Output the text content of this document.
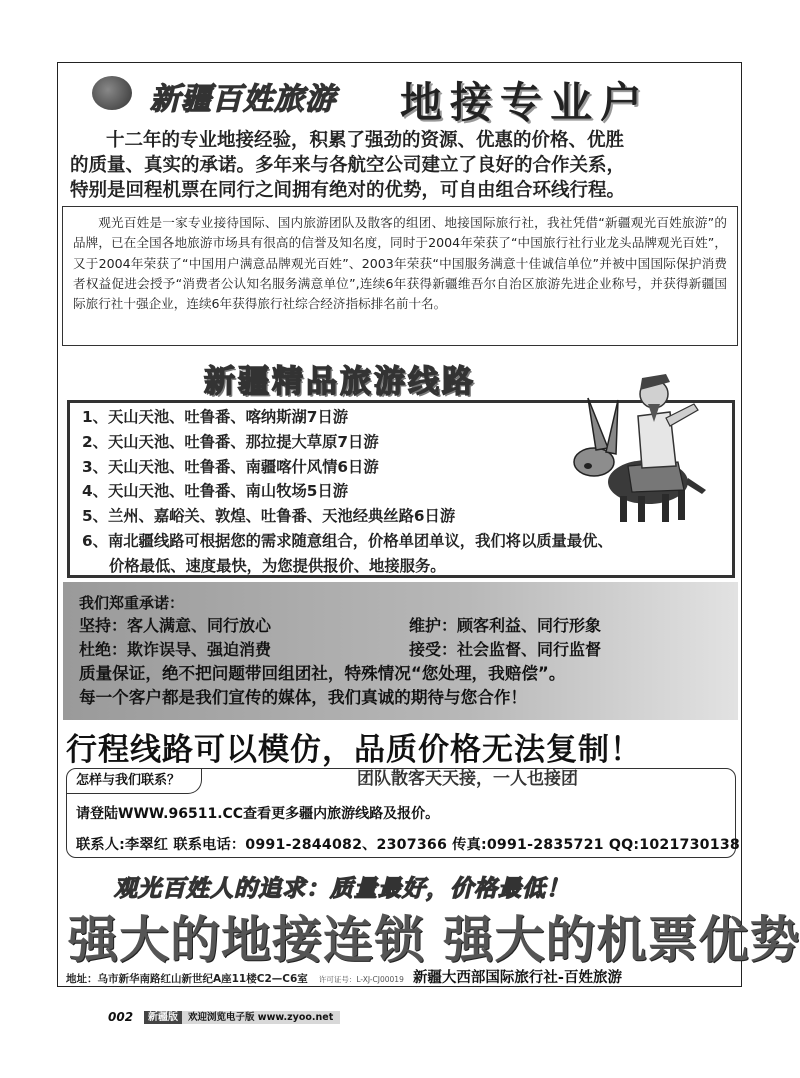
新疆百姓旅游 地接专业户

十二年的专业地接经验，积累了强劲的资源、优惠的价格、优胜

的质量、真实的承诺。多年来与各航空公司建立了良好的合作关系，

特别是回程机票在同行之间拥有绝对的优势，可自由组合环线行程。

观光百姓是一家专业接待国际、国内旅游团队及散客的组团、地接国际旅行社，我社凭借“新疆观光百姓旅游”的品牌，已在全国各地旅游市场具有很高的信誉及知名度，同时于2004年荣获了“中国旅行社行业龙头品牌观光百姓”，又于2004年荣获了“中国用户满意品牌观光百姓”、2003年荣获“中国服务满意十佳诚信单位”并被中国国际保护消费者权益促进会授予“消费者公认知名服务满意单位”,连续6年获得新疆维吾尔自治区旅游先进企业称号，并获得新疆国际旅行社十强企业，连续6年获得旅行社综合经济指标排名前十名。

新疆精品旅游线路
1、天山天池、吐鲁番、喀纳斯湖7日游
2、天山天池、吐鲁番、那拉提大草原7日游
3、天山天池、吐鲁番、南疆喀什风情6日游
4、天山天池、吐鲁番、南山牧场5日游
5、兰州、嘉峪关、敦煌、吐鲁番、天池经典丝路6日游
6、南北疆线路可根据您的需求随意组合，价格单团单议，我们将以质量最优、
价格最低、速度最快，为您提供报价、地接服务。
我们郑重承诺：
坚持：客人满意、同行放心	维护：顾客利益、同行形象
杜绝：欺诈误导、强迫消费	接受：社会监督、同行监督
质量保证，绝不把问题带回组团社，特殊情况“您处理，我赔偿”。
每一个客户都是我们宣传的媒体，我们真诚的期待与您合作！
行程线路可以模仿，品质价格无法复制！
怎样与我们联系？	团队散客天天接，一人也接团
请登陆WWW.96511.CC查看更多疆内旅游线路及报价。
联系人:李翠红 联系电话：0991-2844082、2307366 传真:0991-2835721 QQ:1021730138
观光百姓人的追求：质量最好，价格最低！
强大的地接连锁 强大的机票优势
地址：乌市新华南路红山新世纪A座11楼C2—C6室 许可证号：L-XJ-CJ00019 新疆大西部国际旅行社-百姓旅游
002	新疆版	欢迎浏览电子版 www.zyoo.net
